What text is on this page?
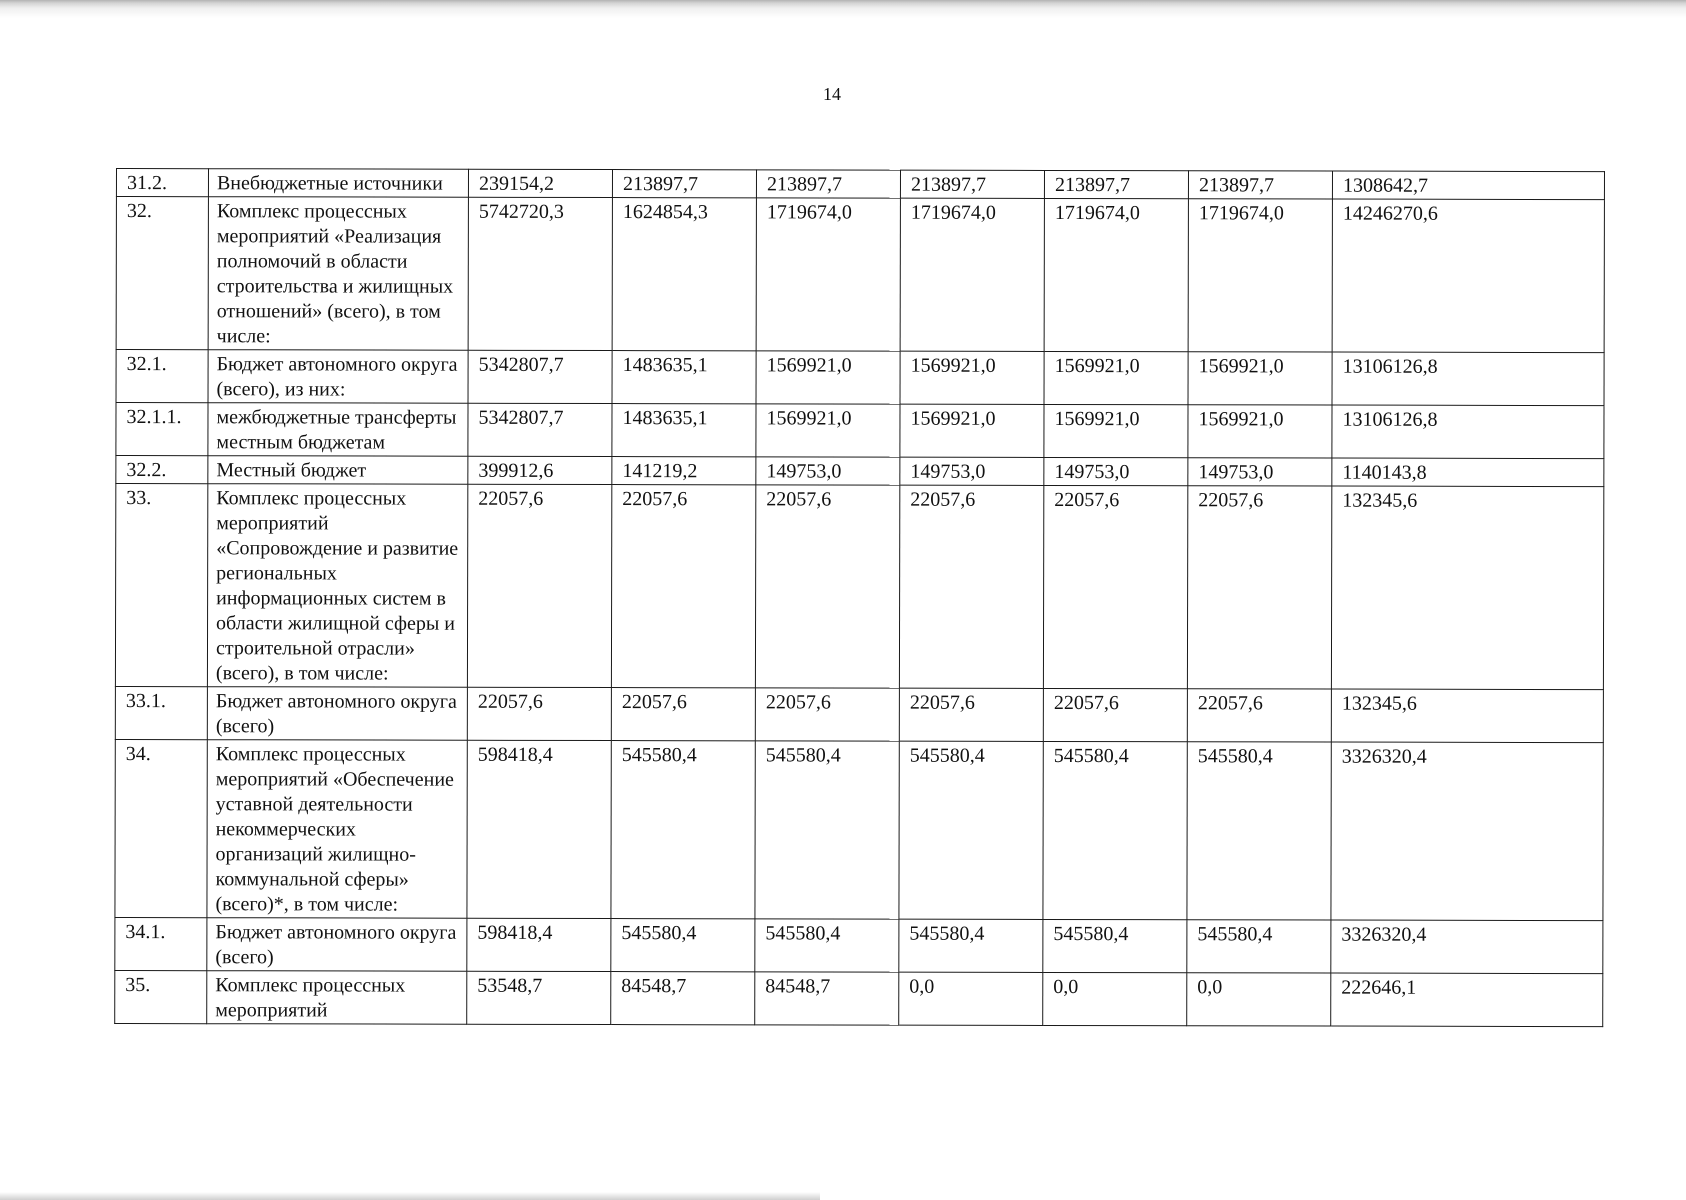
14
31.2.	Внебюджетные источники	239154,2	213897,7	213897,7	213897,7	213897,7	213897,7	1308642,7
32.	Комплекс процессных мероприятий «Реализация полномочий в области строительства и жилищных отношений» (всего), в том числе:	5742720,3	1624854,3	1719674,0	1719674,0	1719674,0	1719674,0	14246270,6
32.1.	Бюджет автономного округа (всего), из них:	5342807,7	1483635,1	1569921,0	1569921,0	1569921,0	1569921,0	13106126,8
32.1.1.	межбюджетные трансферты местным бюджетам	5342807,7	1483635,1	1569921,0	1569921,0	1569921,0	1569921,0	13106126,8
32.2.	Местный бюджет	399912,6	141219,2	149753,0	149753,0	149753,0	149753,0	1140143,8
33.	Комплекс процессных мероприятий «Сопровождение и развитие региональных информационных систем в области жилищной сферы и строительной отрасли» (всего), в том числе:	22057,6	22057,6	22057,6	22057,6	22057,6	22057,6	132345,6
33.1.	Бюджет автономного округа (всего)	22057,6	22057,6	22057,6	22057,6	22057,6	22057,6	132345,6
34.	Комплекс процессных мероприятий «Обеспечение уставной деятельности некоммерческих организаций жилищно-коммунальной сферы» (всего)*, в том числе:	598418,4	545580,4	545580,4	545580,4	545580,4	545580,4	3326320,4
34.1.	Бюджет автономного округа (всего)	598418,4	545580,4	545580,4	545580,4	545580,4	545580,4	3326320,4
35.	Комплекс процессных мероприятий	53548,7	84548,7	84548,7	0,0	0,0	0,0	222646,1
